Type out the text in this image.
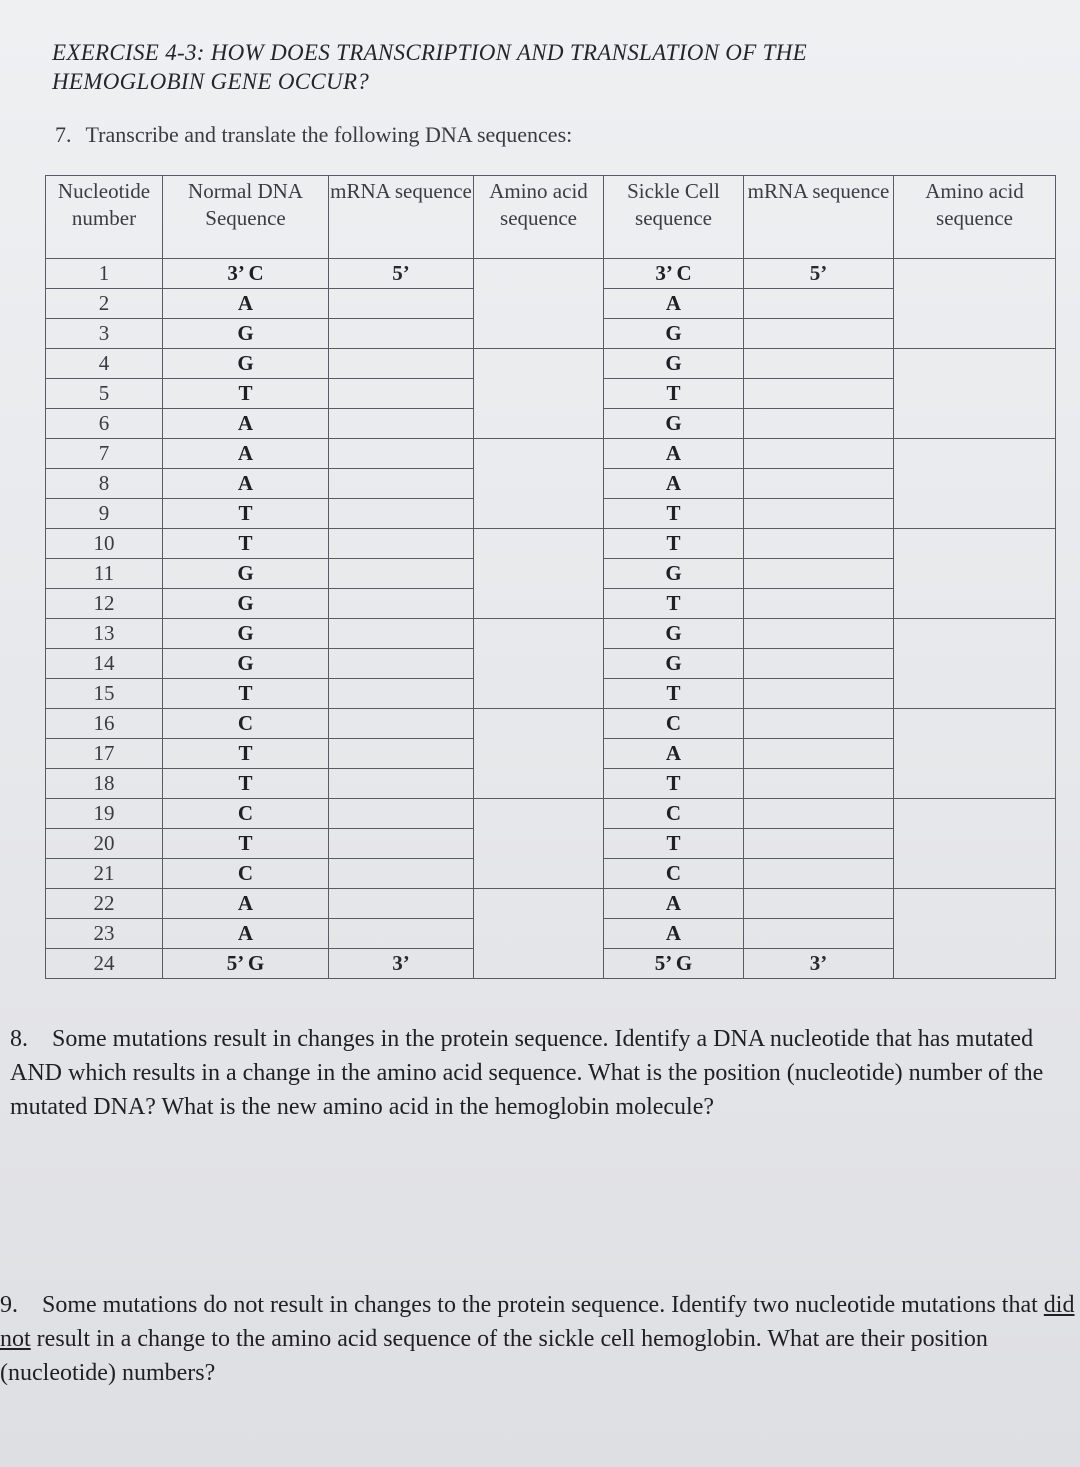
EXERCISE 4-3: HOW DOES TRANSCRIPTION AND TRANSLATION OF THE
HEMOGLOBIN GENE OCCUR?
7. Transcribe and translate the following DNA sequences:
Nucleotide number	Normal DNA Sequence	mRNA sequence	Amino acid sequence	Sickle Cell sequence	mRNA sequence	Amino acid sequence
1	3’ C	5’		3’ C	5’	
2	A			A		
3	G			G		
4	G			G		
5	T			T		
6	A			G		
7	A			A		
8	A			A		
9	T			T		
10	T			T		
11	G			G		
12	G			T		
13	G			G		
14	G			G		
15	T			T		
16	C			C		
17	T			A		
18	T			T		
19	C			C		
20	T			T		
21	C			C		
22	A			A		
23	A			A		
24	5’ G	3’		5’ G	3’	
8. Some mutations result in changes in the protein sequence. Identify a DNA nucleotide that has mutated AND which results in a change in the amino acid sequence. What is the position (nucleotide) number of the mutated DNA? What is the new amino acid in the hemoglobin molecule?
9. Some mutations do not result in changes to the protein sequence. Identify two nucleotide mutations that did not result in a change to the amino acid sequence of the sickle cell hemoglobin. What are their position (nucleotide) numbers?
